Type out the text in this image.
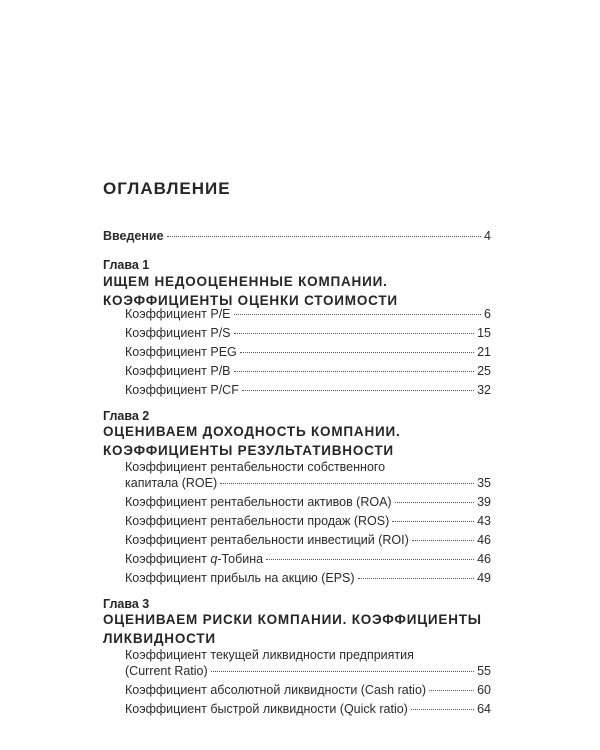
ОГЛАВЛЕНИЕ
Введение	4
Глава 1
ИЩЕМ НЕДООЦЕНЕННЫЕ КОМПАНИИ. КОЭФФИЦИЕНТЫ ОЦЕНКИ СТОИМОСТИ
Коэффициент P/E	6
Коэффициент P/S	15
Коэффициент PEG	21
Коэффициент P/B	25
Коэффициент P/CF	32
Глава 2
ОЦЕНИВАЕМ ДОХОДНОСТЬ КОМПАНИИ. КОЭФФИЦИЕНТЫ РЕЗУЛЬТАТИВНОСТИ
Коэффициент рентабельности собственного
капитала (ROE)	35
Коэффициент рентабельности активов (ROA)	39
Коэффициент рентабельности продаж (ROS)	43
Коэффициент рентабельности инвестиций (ROI)	46
Коэффициент q-Тобина	46
Коэффициент прибыль на акцию (EPS)	49
Глава 3
ОЦЕНИВАЕМ РИСКИ КОМПАНИИ. КОЭФФИЦИЕНТЫ ЛИКВИДНОСТИ
Коэффициент текущей ликвидности предприятия
(Current Ratio)	55
Коэффициент абсолютной ликвидности (Cash ratio)	60
Коэффициент быстрой ликвидности (Quick ratio)	64
